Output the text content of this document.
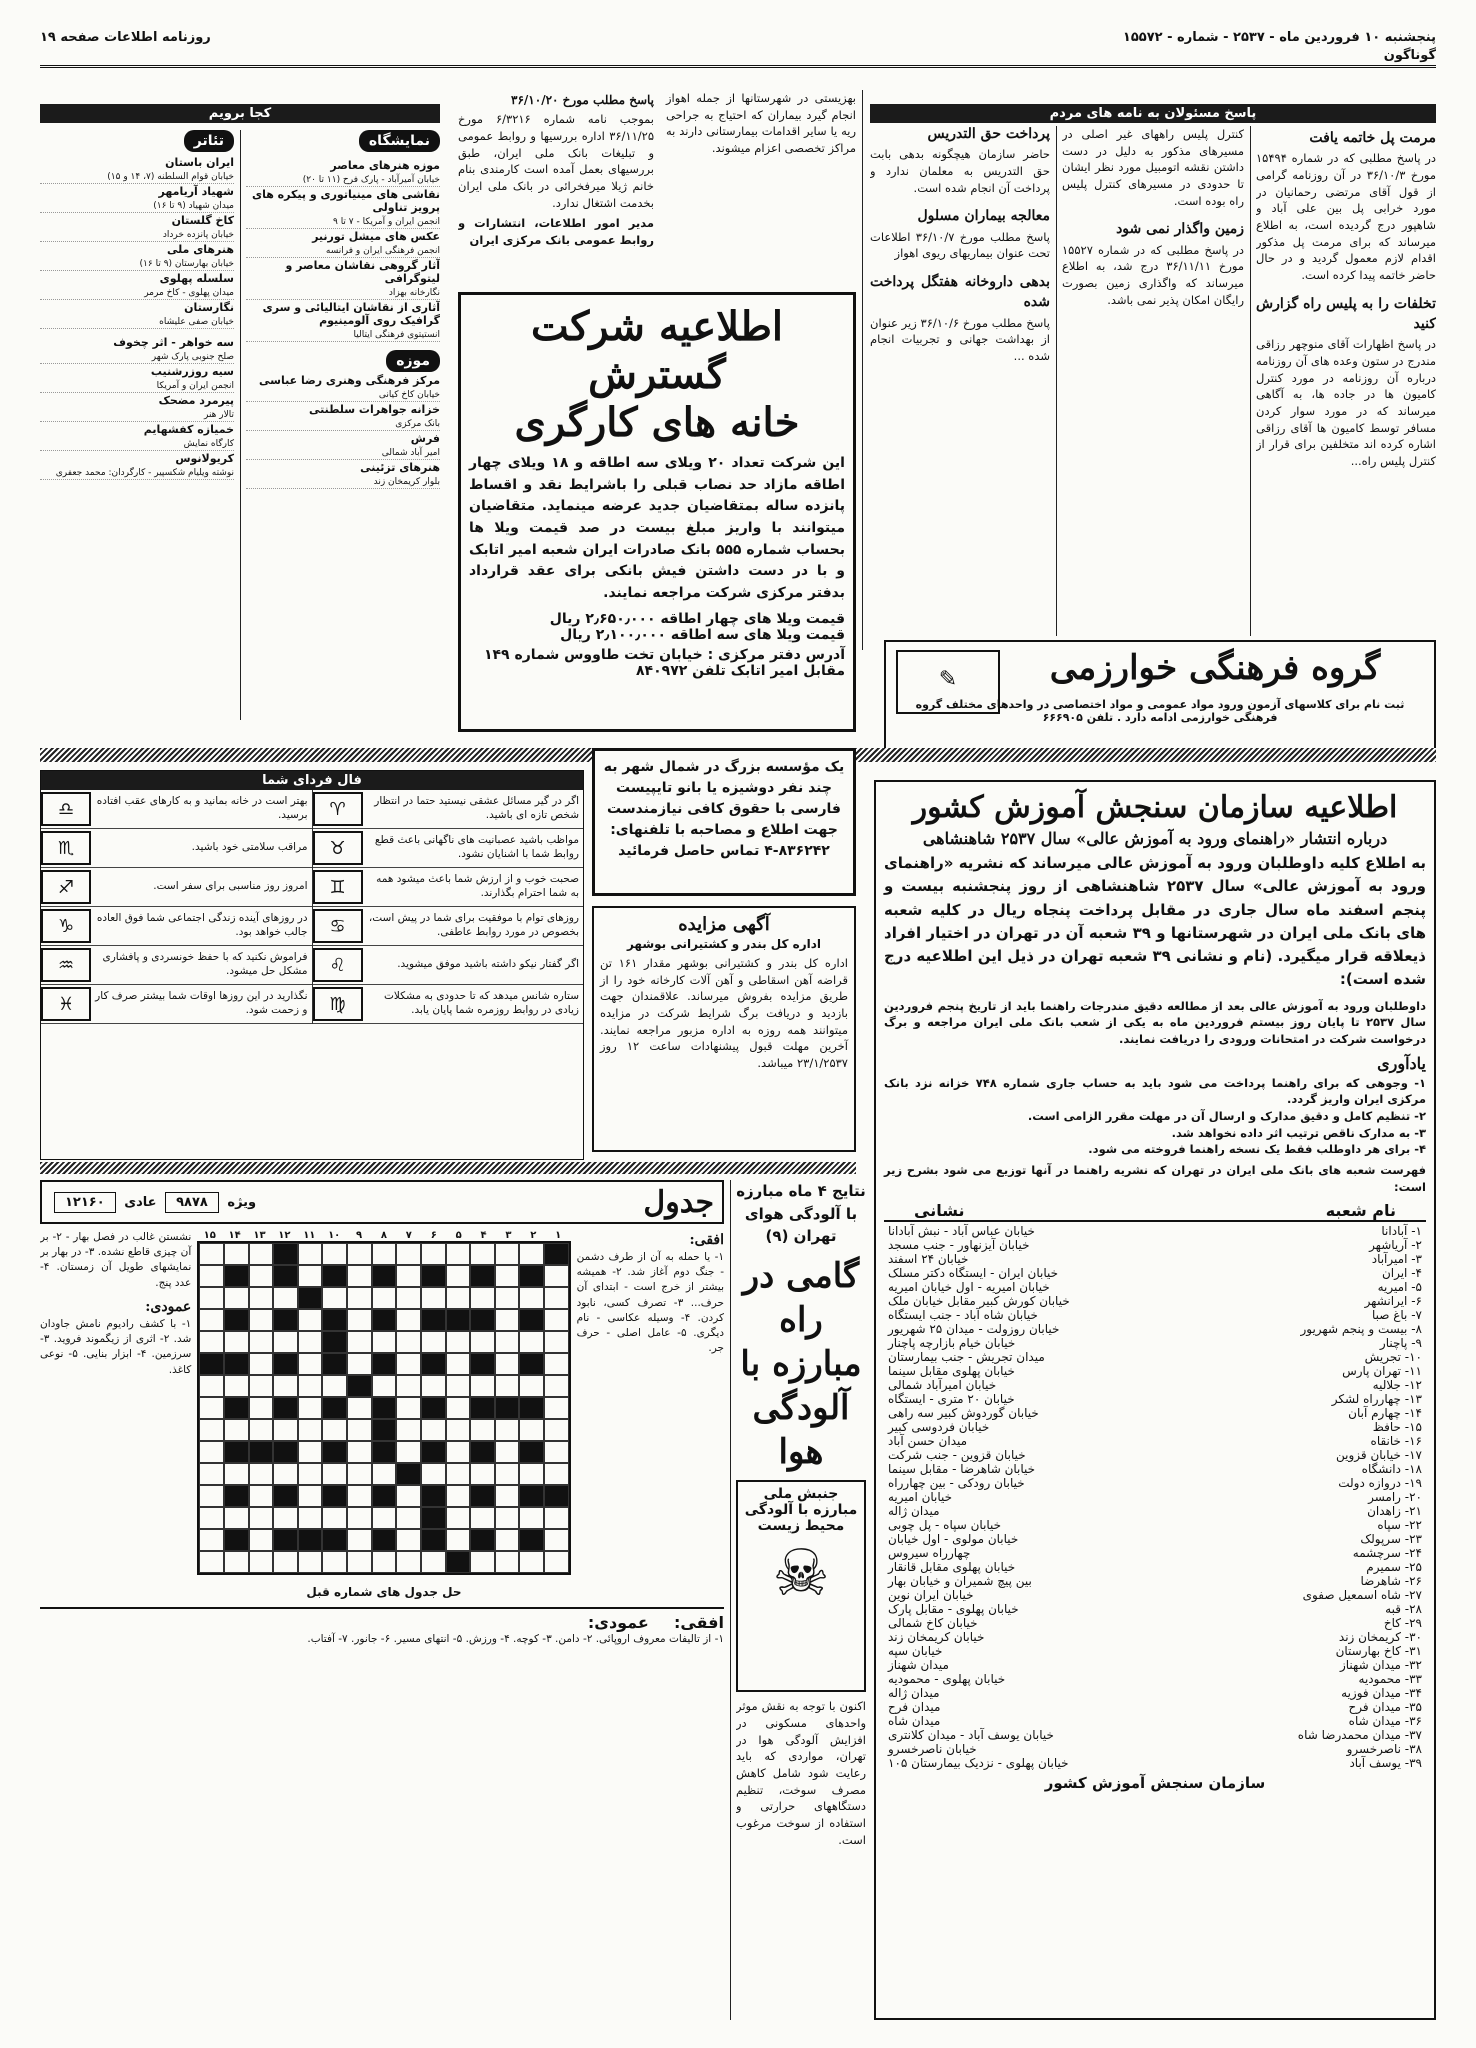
پنجشنبه ۱۰ فروردین ماه - ۲۵۳۷ - شماره - ۱۵۵۷۲
روزنامه اطلاعات صفحه ۱۹
گوناگون
پاسخ مسئولان به نامه های مردم
مرمت پل خاتمه یافت
در پاسخ مطلبی که در شماره ۱۵۴۹۴ مورخ ۳۶/۱۰/۳ در آن روزنامه گرامی از قول آقای مرتضی رحمانیان در مورد خرابی پل بین علی آباد و شاهپور درج گردیده است، به اطلاع میرساند که برای مرمت پل مذکور اقدام لازم معمول گردید و در حال حاضر خاتمه پیدا کرده است.
تخلفات را به پلیس راه گزارش کنید
در پاسخ اظهارات آقای منوچهر رزاقی مندرج در ستون وعده های آن روزنامه درباره آن روزنامه در مورد کنترل کامیون ها در جاده ها، به آگاهی میرساند که در مورد سوار کردن مسافر توسط کامیون ها آقای رزاقی اشاره کرده اند متخلفین برای قرار از کنترل پلیس راه...
کنترل پلیس راههای غیر اصلی در مسیرهای مذکور به دلیل در دست داشتن نقشه اتومبیل مورد نظر ایشان تا حدودی در مسیرهای کنترل پلیس راه بوده است.
زمین واگذار نمی شود
در پاسخ مطلبی که در شماره ۱۵۵۲۷ مورخ ۳۶/۱۱/۱۱ درج شد، به اطلاع میرساند که واگذاری زمین بصورت رایگان امکان پذیر نمی باشد.
پرداخت حق التدریس
حاضر سازمان هیچگونه بدهی بابت حق التدریس به معلمان ندارد و پرداخت آن انجام شده است.
معالجه بیماران مسلول
پاسخ مطلب مورخ ۳۶/۱۰/۷ اطلاعات تحت عنوان بیماریهای ریوی اهواز
بدهی داروخانه هفتگل پرداخت شده
پاسخ مطلب مورخ ۳۶/۱۰/۶ زیر عنوان از بهداشت جهانی و تجربیات انجام شده ...
بهزیستی در شهرستانها از جمله اهواز انجام گیرد بیماران که احتیاج به جراحی ریه یا سایر اقدامات بیمارستانی دارند به مراکز تخصصی اعزام میشوند.
پاسخ مطلب مورخ ۳۶/۱۰/۲۰
بموجب نامه شماره ۶/۳۲۱۶ مورخ ۳۶/۱۱/۲۵ اداره بررسیها و روابط عمومی و تبلیغات بانک ملی ایران، طبق بررسیهای بعمل آمده است کارمندی بنام خانم ژیلا میرفخرائی در بانک ملی ایران بخدمت اشتغال ندارد.
مدیر امور اطلاعات، انتشارات و روابط عمومی بانک مرکزی ایران
اطلاعیه شرکت گسترش
خانه های کارگری
این شرکت تعداد ۲۰ ویلای سه اطاقه و ۱۸ ویلای چهار اطاقه مازاد حد نصاب قبلی را باشرایط نقد و اقساط پانزده ساله بمتقاضیان جدید عرضه مینماید. متقاضیان میتوانند با واریز مبلغ بیست در صد قیمت ویلا ها بحساب شماره ۵۵۵ بانک صادرات ایران شعبه امیر اتابک و با در دست داشتن فیش بانکی برای عقد قرارداد بدفتر مرکزی شرکت مراجعه نمایند.
قیمت ویلا های چهار اطاقه ۲٫۶۵۰٫۰۰۰ ریال
قیمت ویلا های سه اطاقه ۲٫۱۰۰٫۰۰۰ ریال
آدرس دفتر مرکزی : خیابان تخت طاووس شماره ۱۴۹ مقابل امیر اتابک تلفن ۸۴۰۹۷۲
کجا برویم
نمایشگاه
موزه هنرهای معاصر
خیابان آمیرآباد - پارک فرح (۱۱ تا ۲۰)
نقاشی های مینیاتوری و پیکره های پرویز تناولی
انجمن ایران و آمریکا - ۷ تا ۹
عکس های میشل تورنیر
انجمن فرهنگی ایران و فرانسه
آثار گروهی نقاشان معاصر و لیتوگرافی
نگارخانه بهزاد
آثاری از نقاشان ایتالیائی و سری گرافیک روی آلومینیوم
انستیتوی فرهنگی ایتالیا
موزه
مرکز فرهنگی وهنری رضا عباسی
خیابان کاخ کیانی
خزانه جواهرات سلطنتی
بانک مرکزی
فرش
امیر آباد شمالی
هنرهای تزئینی
بلوار کریمخان زند
تئاتر
ایران باستان
خیابان قوام السلطنه (۷، ۱۴ و ۱۵)
شهیاد آریامهر
میدان شهیاد (۹ تا ۱۶)
کاخ گلستان
خیابان پانزده خرداد
هنرهای ملی
خیابان بهارستان (۹ تا ۱۶)
سلسله پهلوی
میدان پهلوی - کاخ مرمر
نگارستان
خیابان صفی علیشاه
سه خواهر - اثر چخوف
صلح جنوبی پارک شهر
سیه روزرشنیب
انجمن ایران و آمریکا
پیرمرد مضحک
تالار هنر
خمیازه کفشهایم
کارگاه نمایش
کریولانوس
نوشته ویلیام شکسپیر - کارگردان: محمد جعفری
✎	گروه فرهنگی خوارزمی
ثبت نام برای کلاسهای آزمون ورود مواد عمومی و مواد اختصاصی در واحدهای مختلف گروه فرهنگی خوارزمی ادامه دارد . تلفن ۶۶۶۹۰۵
فال فردای شما
اگر در گیر مسائل عشقی نیستید حتما در انتظار شخص تازه ای باشید.
♈
مواظب باشید عصبانیت های ناگهانی باعث قطع روابط شما با اشنایان نشود.
♉
صحبت خوب و از ارزش شما باعث میشود همه به شما احترام بگذارند.
♊
روزهای توام با موفقیت برای شما در پیش است، بخصوص در مورد روابط عاطفی.
♋
اگر گفتار نیکو داشته باشید موفق میشوید.
♌
ستاره شانس میدهد که تا حدودی به مشکلات زیادی در روابط روزمره شما پایان یابد.
♍
بهتر است در خانه بمانید و به کارهای عقب افتاده برسید.
♎
مراقب سلامتی خود باشید.
♏
امروز روز مناسبی برای سفر است.
♐
در روزهای آینده زندگی اجتماعی شما فوق العاده جالب خواهد بود.
♑
فراموش نکنید که با حفظ خونسردی و پافشاری مشکل حل میشود.
♒
نگذارید در این روزها اوقات شما بیشتر صرف کار و زحمت شود.
♓
یک مؤسسه بزرگ در شمال شهر به چند نفر دوشیزه یا بانو تایپیست فارسی با حقوق کافی نیازمندست جهت اطلاع و مصاحبه با تلفنهای: ۸۳۶۲۴۲-۴ تماس حاصل فرمائید
آگهی مزایده
اداره کل بندر و کشتیرانی بوشهر
اداره کل بندر و کشتیرانی بوشهر مقدار ۱۶۱ تن قراضه آهن اسقاطی و آهن آلات کارخانه خود را از طریق مزایده بفروش میرساند. علاقمندان جهت بازدید و دریافت برگ شرایط شرکت در مزایده میتوانند همه روزه به اداره مزبور مراجعه نمایند. آخرین مهلت قبول پیشنهادات ساعت ۱۲ روز ۲۳/۱/۲۵۳۷ میباشد.
اطلاعیه سازمان سنجش آموزش کشور
درباره انتشار «راهنمای ورود به آموزش عالی» سال ۲۵۳۷ شاهنشاهی
به اطلاع کلیه داوطلبان ورود به آموزش عالی میرساند که نشریه «راهنمای ورود به آموزش عالی» سال ۲۵۳۷ شاهنشاهی از روز پنجشنبه بیست و پنجم اسفند ماه سال جاری در مقابل پرداخت پنجاه ریال در کلیه شعبه های بانک ملی ایران در شهرستانها و ۳۹ شعبه آن در تهران در اختیار افراد ذیعلاقه قرار میگیرد. (نام و نشانی ۳۹ شعبه تهران در ذیل این اطلاعیه درج شده است):
داوطلبان ورود به آموزش عالی بعد از مطالعه دقیق مندرجات راهنما باید از تاریخ پنجم فروردین سال ۲۵۳۷ تا پایان روز بیستم فروردین ماه به یکی از شعب بانک ملی ایران مراجعه و برگ درخواست شرکت در امتحانات ورودی را دریافت نمایند.
یادآوری
۱- وجوهی که برای راهنما پرداخت می شود باید به حساب جاری شماره ۷۴۸ خزانه نزد بانک مرکزی ایران واریز گردد.
۲- تنظیم کامل و دقیق مدارک و ارسال آن در مهلت مقرر الزامی است.
۳- به مدارک ناقص ترتیب اثر داده نخواهد شد.
۴- برای هر داوطلب فقط یک نسخه راهنما فروخته می شود.
فهرست شعبه های بانک ملی ایران در تهران که نشریه راهنما در آنها توزیع می شود بشرح زیر است:
نام شعبه
نشانی
۱- آبادانا	خیابان عباس آباد - نبش آبادانا
۲- آریاشهر	خیابان آیزنهاور - جنب مسجد
۳- امیرآباد	خیابان ۲۴ اسفند
۴- ایران	خیابان ایران - ایستگاه دکتر مسلک
۵- امیریه	خیابان امیریه - اول خیابان امیریه
۶- ایرانشهر	خیابان کورش کبیر مقابل خیابان ملک
۷- باغ صبا	خیابان شاه آباد - جنب ایستگاه
۸- بیست و پنجم شهریور	خیابان روزولت - میدان ۲۵ شهریور
۹- پاچنار	خیابان خیام بازارچه پاچنار
۱۰- تجریش	میدان تجریش - جنب بیمارستان
۱۱- تهران پارس	خیابان پهلوی مقابل سینما
۱۲- جلالیه	خیابان امیرآباد شمالی
۱۳- چهارراه لشکر	خیابان ۲۰ متری - ایستگاه
۱۴- چهارم آبان	خیابان گوردوش کبیر سه راهی
۱۵- حافظ	خیابان فردوسی کبیر
۱۶- خانقاه	میدان حسن آباد
۱۷- خیابان قزوین	خیابان قزوین - جنب شرکت
۱۸- دانشگاه	خیابان شاهرضا - مقابل سینما
۱۹- دروازه دولت	خیابان رودکی - بین چهارراه
۲۰- رامسر	خیابان امیریه
۲۱- زاهدان	میدان ژاله
۲۲- سپاه	خیابان سپاه - پل چوبی
۲۳- سرپولک	خیابان مولوی - اول خیابان
۲۴- سرچشمه	چهارراه سیروس
۲۵- سمیرم	خیابان پهلوی مقابل قانقار
۲۶- شاهرضا	بین پیچ شمیران و خیابان بهار
۲۷- شاه اسمعیل صفوی	خیابان ایران نوین
۲۸- قبه	خیابان پهلوی - مقابل پارک
۲۹- کاخ	خیابان کاخ شمالی
۳۰- کریمخان زند	خیابان کریمخان زند
۳۱- کاخ بهارستان	خیابان سپه
۳۲- میدان شهناز	میدان شهناز
۳۳- محمودیه	خیابان پهلوی - محمودیه
۳۴- میدان فوزیه	میدان ژاله
۳۵- میدان فرح	میدان فرح
۳۶- میدان شاه	میدان شاه
۳۷- میدان محمدرضا شاه	خیابان یوسف آباد - میدان کلانتری
۳۸- ناصرخسرو	خیابان ناصرخسرو
۳۹- یوسف آباد	خیابان پهلوی - نزدیک بیمارستان ۱۰۵
سازمان سنجش آموزش کشور
نتایج ۴ ماه مبارزه با آلودگی هوای تهران (۹)
گامی در راه مبارزه با آلودگی هوا
جنبش ملی مبارزه با آلودگی محیط زیست
☠
اکنون با توجه به نقش موثر واحدهای مسکونی در افزایش آلودگی هوا در تهران، مواردی که باید رعایت شود شامل کاهش مصرف سوخت، تنظیم دستگاههای حرارتی و استفاده از سوخت مرغوب است.
جدول
ویژه ۹۸۷۸ عادی ۱۲۱۶۰
افقی:
۱- یا حمله به آن از طرف دشمن - جنگ دوم آغاز شد. ۲- همیشه بیشتر از خرج است - ابتدای آن حرف... ۳- تصرف کسی، نابود کردن. ۴- وسیله عکاسی - نام دیگری. ۵- عامل اصلی - حرف جر.
۱
۲
۳
۴
۵
۶
۷
۸
۹
۱۰
۱۱
۱۲
۱۳
۱۴
۱۵
حل جدول های شماره قبل
نشستن غالب در فصل بهار - ۲- بر آن چیزی قاطع نشده. ۳- در بهار بر نمایشهای طویل آن زمستان. ۴- عدد پنج.
عمودی:
۱- با کشف رادیوم نامش جاودان شد. ۲- اثری از زیگموند فروید. ۳- سرزمین. ۴- ابزار بنایی. ۵- نوعی کاغذ.
افقی: عمودی:
۱- از تالیفات معروف اروپائی. ۲- دامن. ۳- کوچه. ۴- ورزش. ۵- انتهای مسیر. ۶- جانور. ۷- آفتاب.
